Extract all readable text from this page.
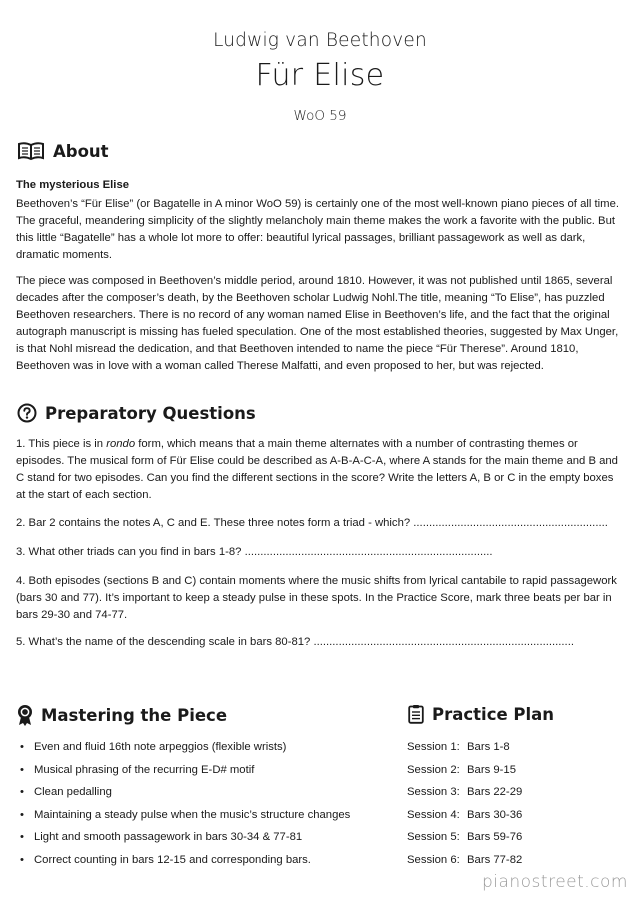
Ludwig van Beethoven
Für Elise
WoO 59
About
The mysterious Elise

Beethoven’s “Für Elise” (or Bagatelle in A minor WoO 59) is certainly one of the most well-known piano pieces of all time. The graceful, meandering simplicity of the slightly melancholy main theme makes the work a favorite with the public. But this little “Bagatelle” has a whole lot more to offer: beautiful lyrical passages, brilliant passagework as well as dark, dramatic moments.

The piece was composed in Beethoven’s middle period, around 1810. However, it was not published until 1865, several decades after the composer’s death, by the Beethoven scholar Ludwig Nohl.The title, meaning “To Elise”, has puzzled Beethoven researchers. There is no record of any woman named Elise in Beethoven’s life, and the fact that the original autograph manuscript is missing has fueled speculation. One of the most established theories, suggested by Max Unger, is that Nohl misread the dedication, and that Beethoven intended to name the piece “Für Therese”. Around 1810, Beethoven was in love with a woman called Therese Malfatti, and even proposed to her, but was rejected.

Preparatory Questions

1. This piece is in rondo form, which means that a main theme alternates with a number of contrasting themes or episodes. The musical form of Für Elise could be described as A-B-A-C-A, where A stands for the main theme and B and C stand for two episodes. Can you find the different sections in the score? Write the letters A, B or C in the empty boxes at the start of each section.

2. Bar 2 contains the notes A, C and E. These three notes form a triad - which? ..............................................................

3. What other triads can you find in bars 1-8? ...............................................................................

4. Both episodes (sections B and C) contain moments where the music shifts from lyrical cantabile to rapid passagework (bars 30 and 77). It’s important to keep a steady pulse in these spots. In the Practice Score, mark three beats per bar in bars 29-30 and 74-77.

5. What’s the name of the descending scale in bars 80-81? ...................................................................................

Mastering the Piece
• Even and fluid 16th note arpeggios (flexible wrists)
• Musical phrasing of the recurring E-D# motif
• Clean pedalling
• Maintaining a steady pulse when the music’s structure changes
• Light and smooth passagework in bars 30-34 & 77-81
• Correct counting in bars 12-15 and corresponding bars.
Practice Plan
Session 1: Bars 1-8
Session 2: Bars 9-15
Session 3: Bars 22-29
Session 4: Bars 30-36
Session 5: Bars 59-76
Session 6: Bars 77-82
pianostreet.com
